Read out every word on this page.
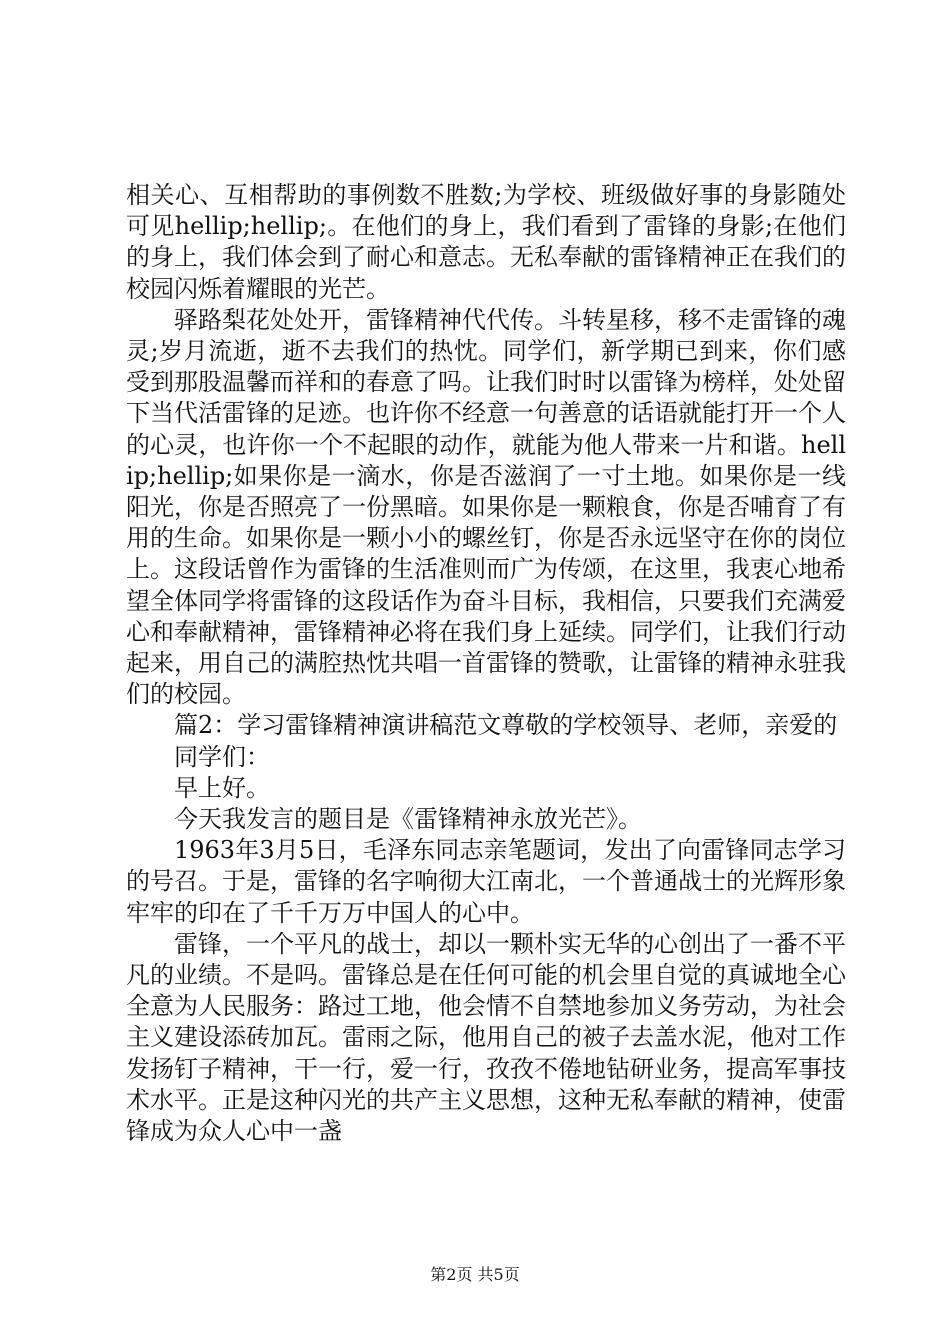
相关心、互相帮助的事例数不胜数;为学校、班级做好事的身影随处可见hellip;hellip;。在他们的身上，我们看到了雷锋的身影;在他们的身上，我们体会到了耐心和意志。无私奉献的雷锋精神正在我们的校园闪烁着耀眼的光芒。

驿路梨花处处开，雷锋精神代代传。斗转星移，移不走雷锋的魂灵;岁月流逝，逝不去我们的热忱。同学们，新学期已到来，你们感受到那股温馨而祥和的春意了吗。让我们时时以雷锋为榜样，处处留下当代活雷锋的足迹。也许你不经意一句善意的话语就能打开一个人的心灵，也许你一个不起眼的动作，就能为他人带来一片和谐。hellip;hellip;如果你是一滴水，你是否滋润了一寸土地。如果你是一线阳光，你是否照亮了一份黑暗。如果你是一颗粮食，你是否哺育了有用的生命。如果你是一颗小小的螺丝钉，你是否永远坚守在你的岗位上。这段话曾作为雷锋的生活准则而广为传颂，在这里，我衷心地希望全体同学将雷锋的这段话作为奋斗目标，我相信，只要我们充满爱心和奉献精神，雷锋精神必将在我们身上延续。同学们，让我们行动起来，用自己的满腔热忱共唱一首雷锋的赞歌，让雷锋的精神永驻我们的校园。

篇2：学习雷锋精神演讲稿范文尊敬的学校领导、老师，亲爱的

同学们：

早上好。

今天我发言的题目是《雷锋精神永放光芒》。

1963年3月5日，毛泽东同志亲笔题词，发出了向雷锋同志学习的号召。于是，雷锋的名字响彻大江南北，一个普通战士的光辉形象牢牢的印在了千千万万中国人的心中。

雷锋，一个平凡的战士，却以一颗朴实无华的心创出了一番不平凡的业绩。不是吗。雷锋总是在任何可能的机会里自觉的真诚地全心全意为人民服务：路过工地，他会情不自禁地参加义务劳动，为社会主义建设添砖加瓦。雷雨之际，他用自己的被子去盖水泥，他对工作发扬钉子精神，干一行，爱一行，孜孜不倦地钻研业务，提高军事技术水平。正是这种闪光的共产主义思想，这种无私奉献的精神，使雷锋成为众人心中一盏

第2页 共5页
